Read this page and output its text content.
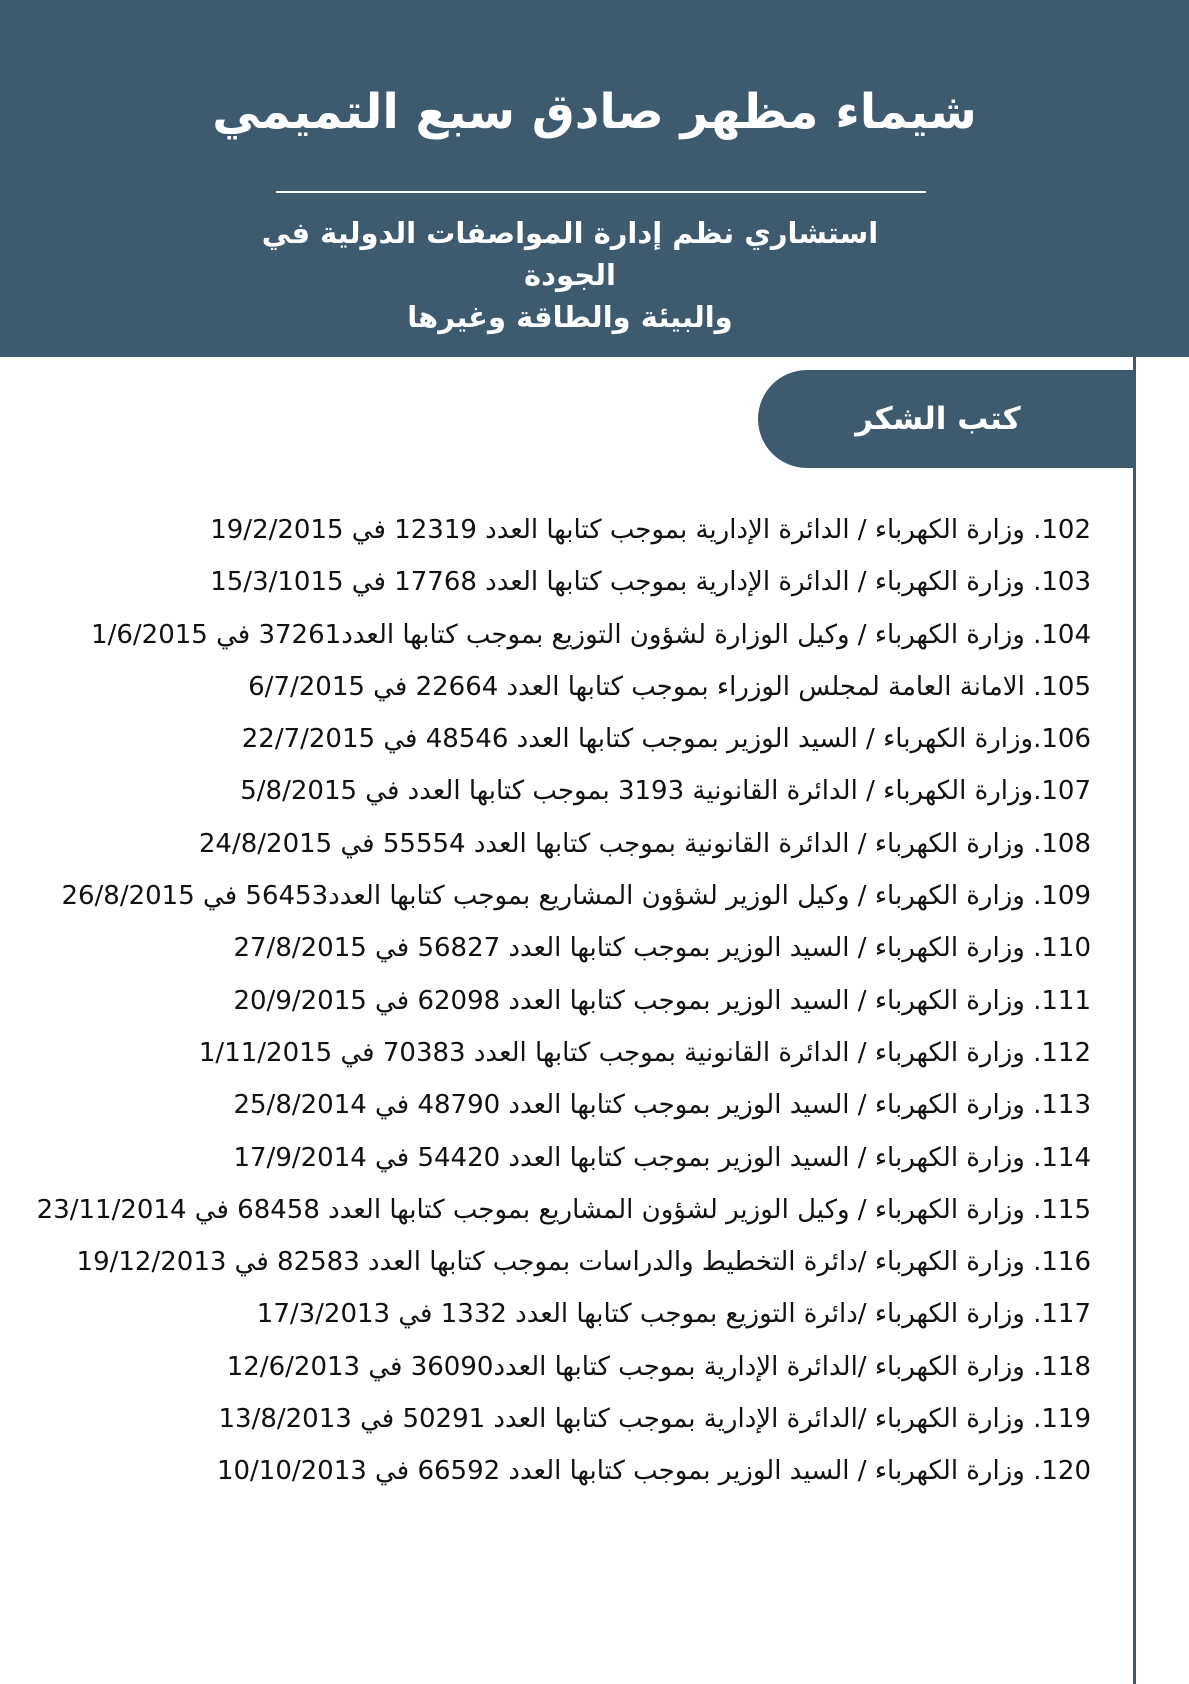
شيماء مظهر صادق سبع التميمي
استشاري نظم إدارة المواصفات الدولية في الجودة
والبيئة والطاقة وغيرها
كتب الشكر
102. وزارة الكهرباء / الدائرة الإدارية بموجب كتابها العدد 12319 في 19/2/2015
103. وزارة الكهرباء / الدائرة الإدارية بموجب كتابها العدد 17768 في 15/3/1015
104. وزارة الكهرباء / وكيل الوزارة لشؤون التوزيع بموجب كتابها العدد37261 في 1/6/2015
105. الامانة العامة لمجلس الوزراء بموجب كتابها العدد 22664 في 6/7/2015
106.وزارة الكهرباء / السيد الوزير بموجب كتابها العدد 48546 في 22/7/2015
107.وزارة الكهرباء / الدائرة القانونية 3193 بموجب كتابها العدد في 5/8/2015
108. وزارة الكهرباء / الدائرة القانونية بموجب كتابها العدد 55554 في 24/8/2015
109. وزارة الكهرباء / وكيل الوزير لشؤون المشاريع بموجب كتابها العدد56453 في 26/8/2015
110. وزارة الكهرباء / السيد الوزير بموجب كتابها العدد 56827 في 27/8/2015
111. وزارة الكهرباء / السيد الوزير بموجب كتابها العدد 62098 في 20/9/2015
112. وزارة الكهرباء / الدائرة القانونية بموجب كتابها العدد 70383 في 1/11/2015
113. وزارة الكهرباء / السيد الوزير بموجب كتابها العدد 48790 في 25/8/2014
114. وزارة الكهرباء / السيد الوزير بموجب كتابها العدد 54420 في 17/9/2014
115. وزارة الكهرباء / وكيل الوزير لشؤون المشاريع بموجب كتابها العدد 68458 في 23/11/2014
116. وزارة الكهرباء /دائرة التخطيط والدراسات بموجب كتابها العدد 82583 في 19/12/2013
117. وزارة الكهرباء /دائرة التوزيع بموجب كتابها العدد 1332 في 17/3/2013
118. وزارة الكهرباء /الدائرة الإدارية بموجب كتابها العدد36090 في 12/6/2013
119. وزارة الكهرباء /الدائرة الإدارية بموجب كتابها العدد 50291 في 13/8/2013
120. وزارة الكهرباء / السيد الوزير بموجب كتابها العدد 66592 في 10/10/2013
